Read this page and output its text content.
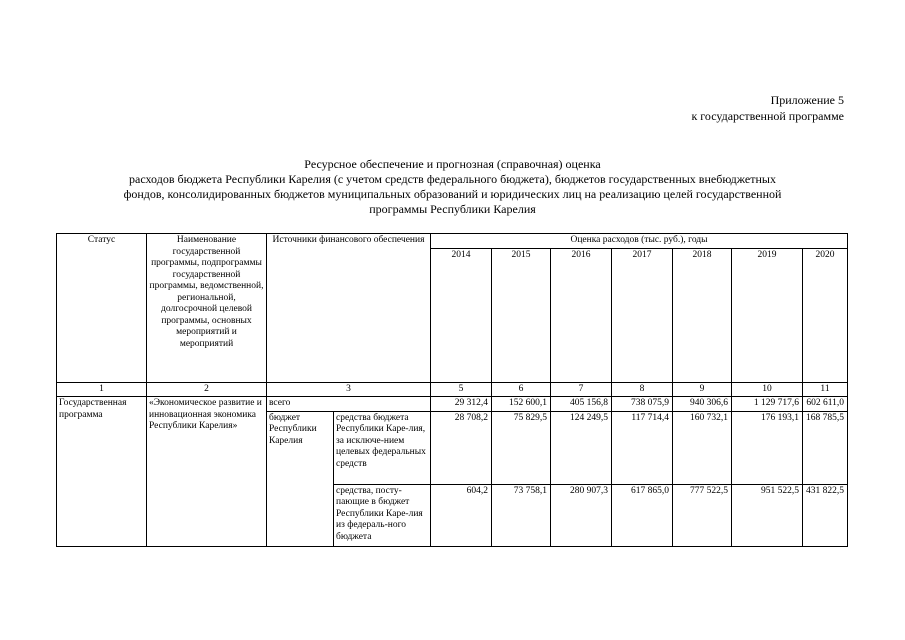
Приложение 5
к государственной программе
Ресурсное обеспечение и прогнозная (справочная) оценка
расходов бюджета Республики Карелия (с учетом средств федерального бюджета), бюджетов государственных внебюджетных
фондов, консолидированных бюджетов муниципальных образований и юридических лиц на реализацию целей государственной
программы Республики Карелия
Статус	Наименование государственной программы, подпрограммы государственной программы, ведомственной, региональной, долгосрочной целевой программы, основных мероприятий и мероприятий	Источники финансового обеспечения		Оценка расходов (тыс. руб.), годы						
				2014	2015	2016	2017	2018	2019	2020
1	2	3		5	6	7	8	9	10	11
Государственная программа	«Экономическое развитие и инновационная экономика Республики Карелия»	всего		29 312,4	152 600,1	405 156,8	738 075,9	940 306,6	1 129 717,6	602 611,0
		бюджет Республики Карелия	средства бюджета Республики Каре-лия, за исключе-нием целевых федеральных средств	28 708,2	75 829,5	124 249,5	117 714,4	160 732,1	176 193,1	168 785,5
			средства, посту-пающие в бюджет Республики Каре-лия из федераль-ного бюджета	604,2	73 758,1	280 907,3	617 865,0	777 522,5	951 522,5	431 822,5
